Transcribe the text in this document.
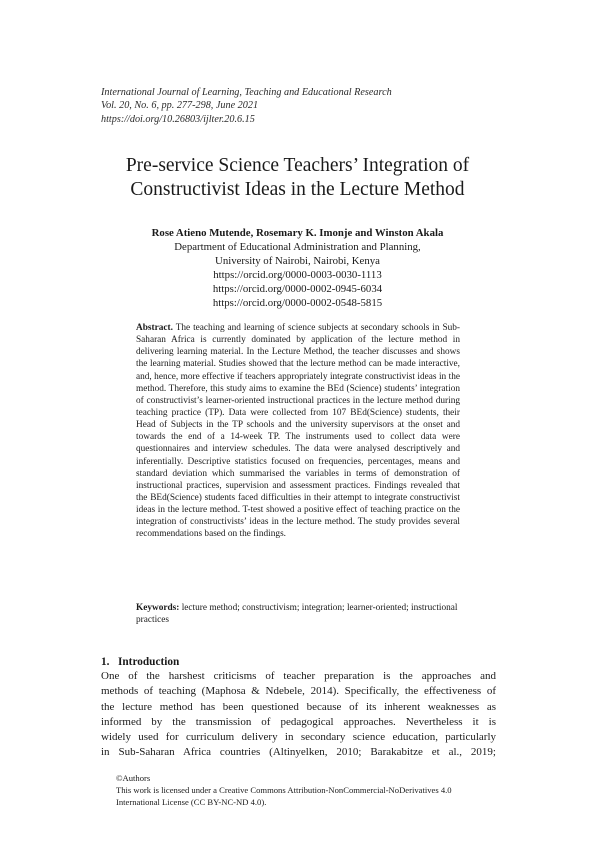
International Journal of Learning, Teaching and Educational Research
Vol. 20, No. 6, pp. 277-298, June 2021
https://doi.org/10.26803/ijlter.20.6.15
Pre-service Science Teachers’ Integration of
Constructivist Ideas in the Lecture Method
Rose Atieno Mutende, Rosemary K. Imonje and Winston Akala
Department of Educational Administration and Planning,
University of Nairobi, Nairobi, Kenya
https://orcid.org/0000-0003-0030-1113
https://orcid.org/0000-0002-0945-6034
https://orcid.org/0000-0002-0548-5815
Abstract. The teaching and learning of science subjects at secondary schools in Sub-Saharan Africa is currently dominated by application of the lecture method in delivering learning material. In the Lecture Method, the teacher discusses and shows the learning material. Studies showed that the lecture method can be made interactive, and, hence, more effective if teachers appropriately integrate constructivist ideas in the method. Therefore, this study aims to examine the BEd (Science) students’ integration of constructivist’s learner-oriented instructional practices in the lecture method during teaching practice (TP). Data were collected from 107 BEd(Science) students, their Head of Subjects in the TP schools and the university supervisors at the onset and towards the end of a 14-week TP. The instruments used to collect data were questionnaires and interview schedules. The data were analysed descriptively and inferentially. Descriptive statistics focused on frequencies, percentages, means and standard deviation which summarised the variables in terms of demonstration of instructional practices, supervision and assessment practices. Findings revealed that the BEd(Science) students faced difficulties in their attempt to integrate constructivist ideas in the lecture method. T-test showed a positive effect of teaching practice on the integration of constructivists’ ideas in the lecture method. The study provides several recommendations based on the findings.
Keywords: lecture method; constructivism; integration; learner-oriented; instructional practices
1. Introduction
One of the harshest criticisms of teacher preparation is the approaches and
methods of teaching (Maphosa & Ndebele, 2014). Specifically, the effectiveness of
the lecture method has been questioned because of its inherent weaknesses as
informed by the transmission of pedagogical approaches. Nevertheless it is
widely used for curriculum delivery in secondary science education, particularly
in Sub-Saharan Africa countries (Altinyelken, 2010; Barakabitze et al., 2019;
©Authors
This work is licensed under a Creative Commons Attribution-NonCommercial-NoDerivatives 4.0
International License (CC BY-NC-ND 4.0).
